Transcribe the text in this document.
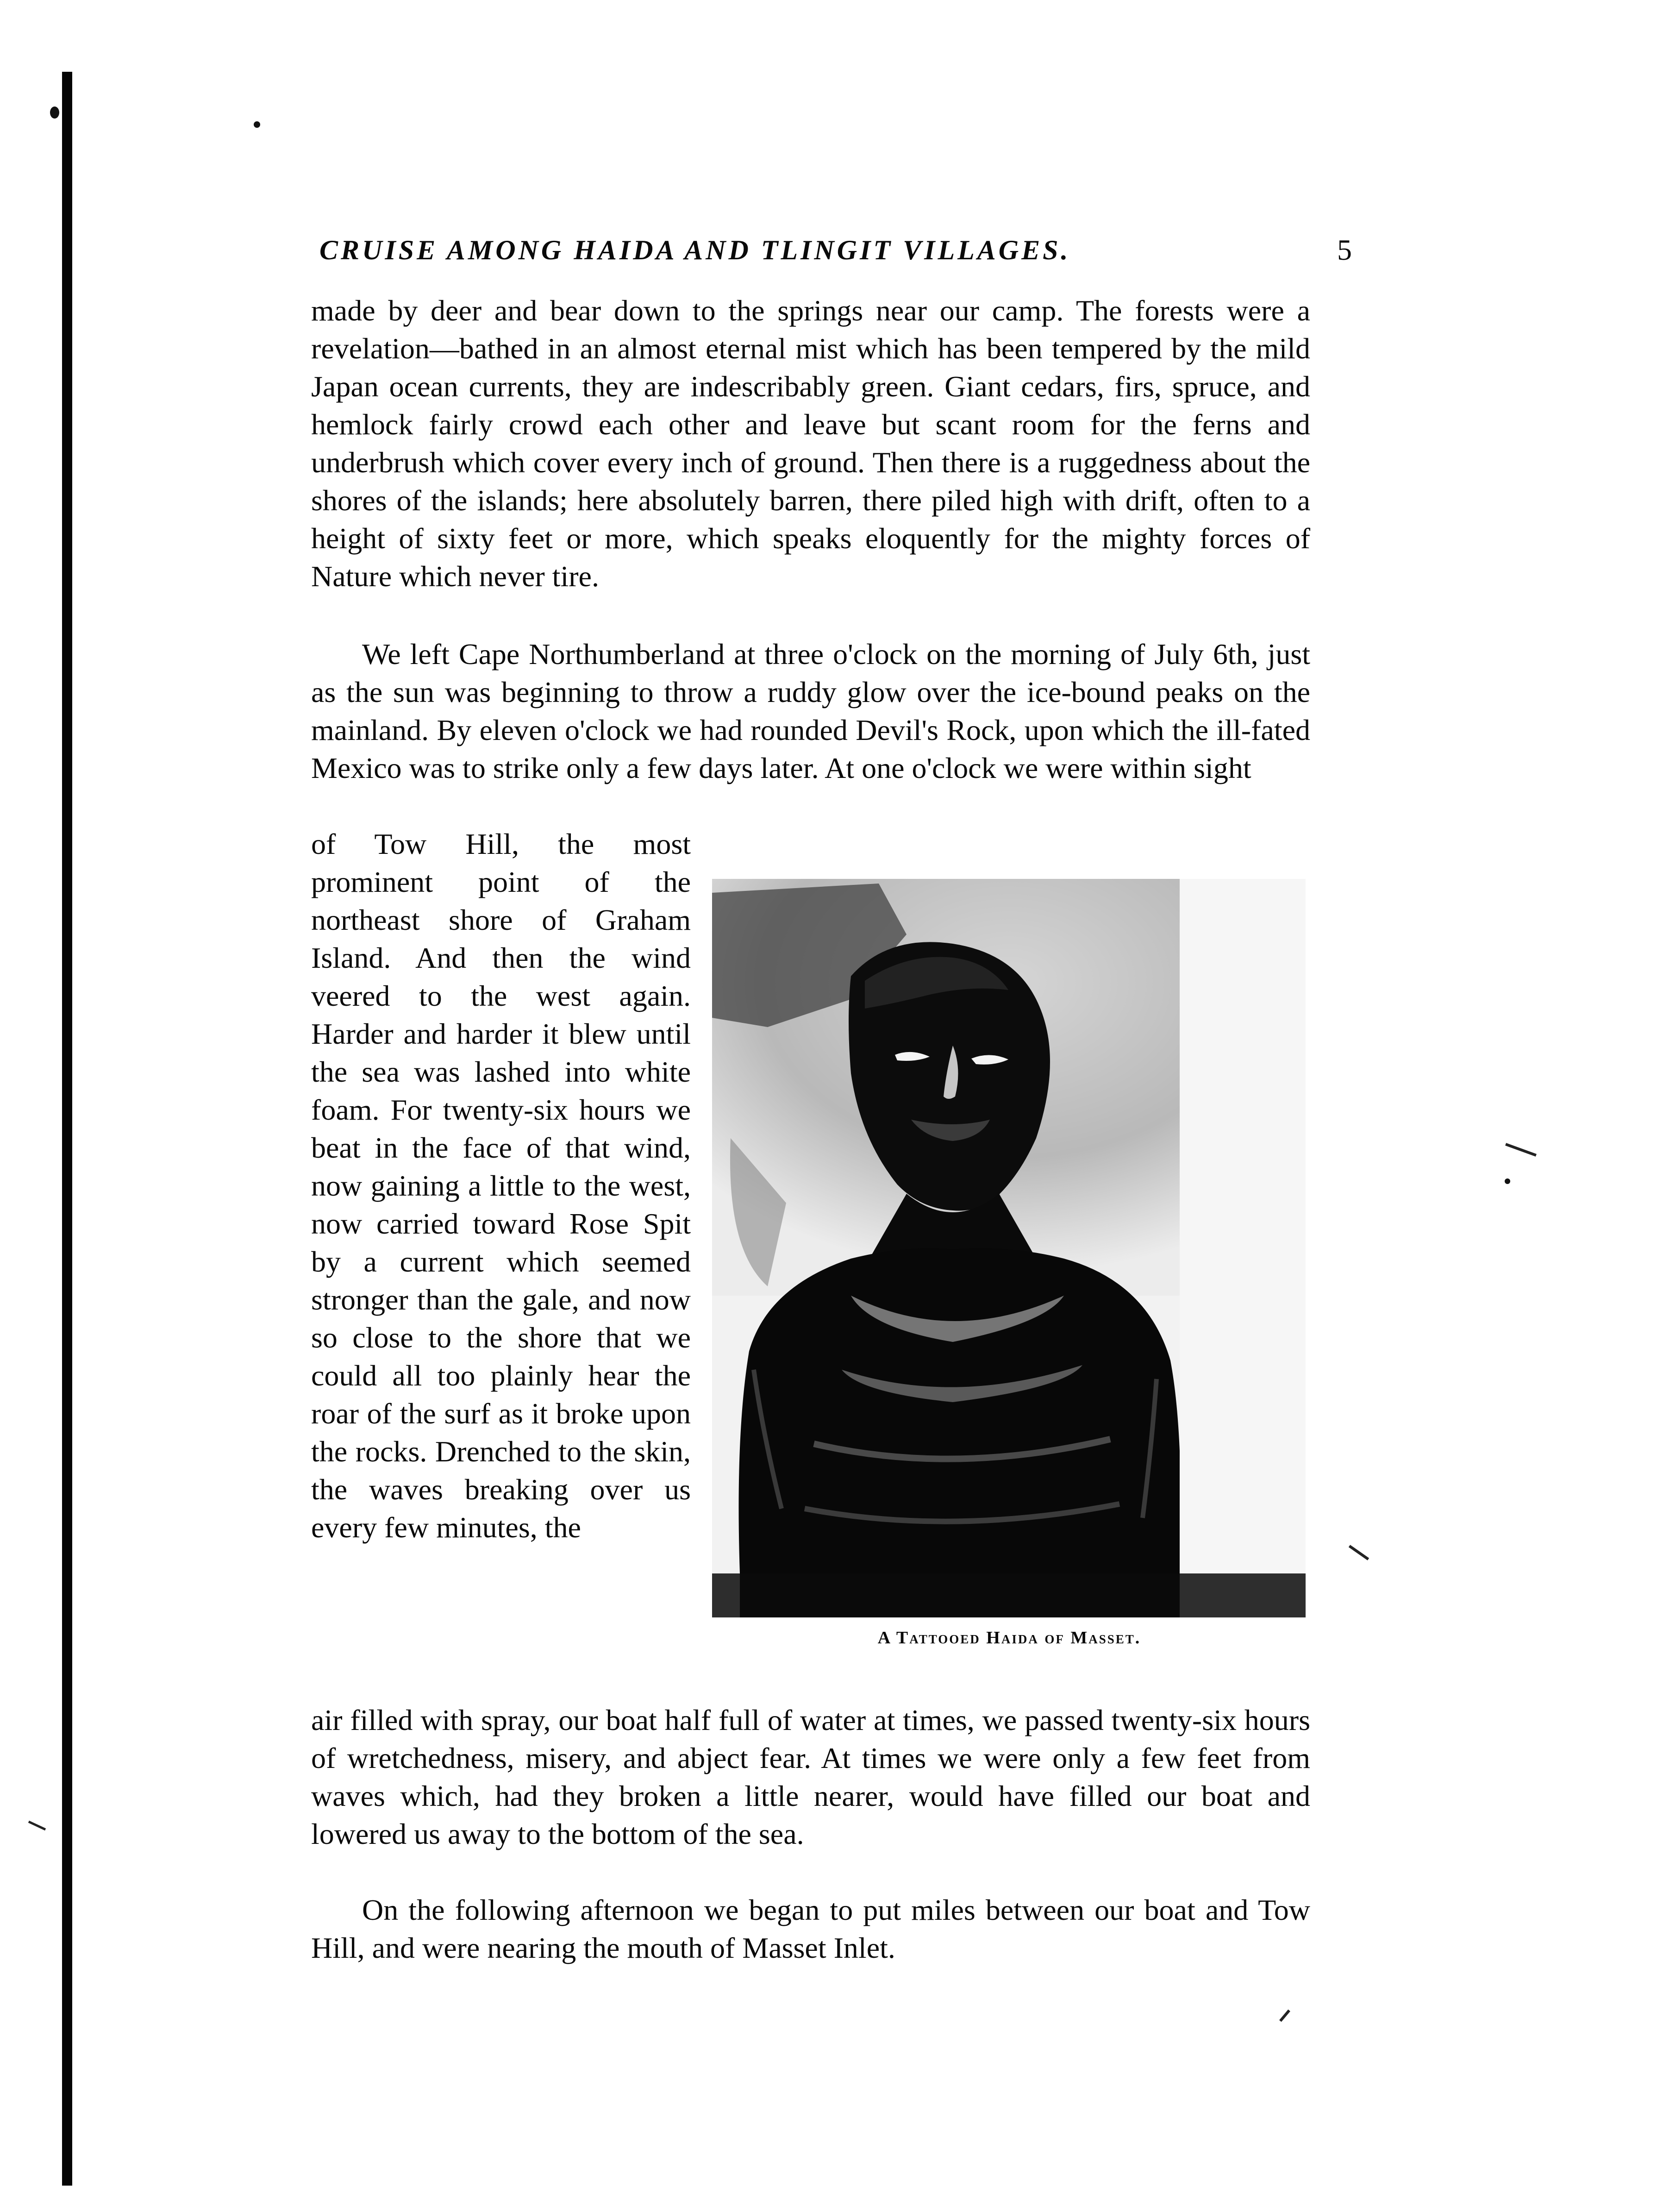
CRUISE AMONG HAIDA AND TLINGIT VILLAGES.	5
made by deer and bear down to the springs near our camp. The forests were a revelation—bathed in an almost eternal mist which has been tempered by the mild Japan ocean currents, they are indescribably green. Giant cedars, firs, spruce, and hemlock fairly crowd each other and leave but scant room for the ferns and underbrush which cover every inch of ground. Then there is a ruggedness about the shores of the islands; here absolutely barren, there piled high with drift, often to a height of sixty feet or more, which speaks eloquently for the mighty forces of Nature which never tire.
We left Cape Northumberland at three o'clock on the morning of July 6th, just as the sun was beginning to throw a ruddy glow over the ice-bound peaks on the mainland. By eleven o'clock we had rounded Devil's Rock, upon which the ill-fated Mexico was to strike only a few days later. At one o'clock we were within sight
of Tow Hill, the most prominent point of the northeast shore of Graham Island. And then the wind veered to the west again. Harder and harder it blew until the sea was lashed into white foam. For twenty-six hours we beat in the face of that wind, now gaining a little to the west, now carried toward Rose Spit by a current which seemed stronger than the gale, and now so close to the shore that we could all too plainly hear the roar of the surf as it broke upon the rocks. Drenched to the skin, the waves breaking over us every few minutes, the
A Tattooed Haida of Masset.
air filled with spray, our boat half full of water at times, we passed twenty-six hours of wretchedness, misery, and abject fear. At times we were only a few feet from waves which, had they broken a little nearer, would have filled our boat and lowered us away to the bottom of the sea.
On the following afternoon we began to put miles between our boat and Tow Hill, and were nearing the mouth of Masset Inlet.
